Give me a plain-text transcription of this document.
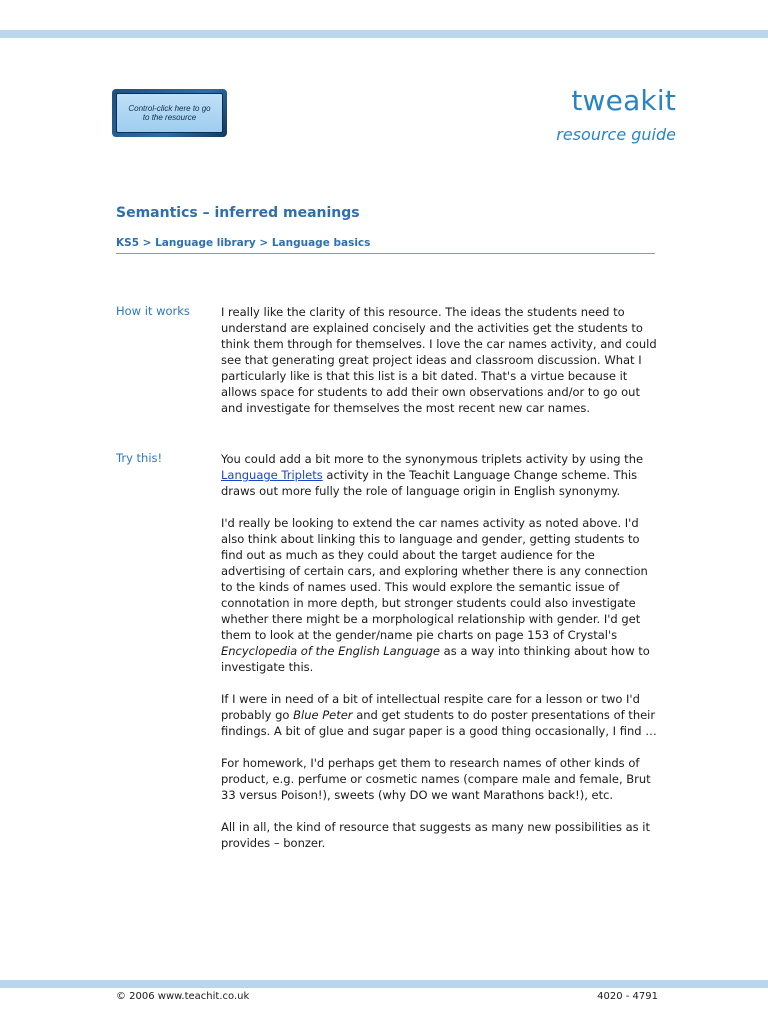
Control-click here to go to the resource
tweakit
resource guide
Semantics – inferred meanings
KS5 > Language library > Language basics
How it works	I really like the clarity of this resource. The ideas the students need to understand are explained concisely and the activities get the students to think them through for themselves. I love the car names activity, and could see that generating great project ideas and classroom discussion. What I particularly like is that this list is a bit dated. That's a virtue because it allows space for students to add their own observations and/or to go out and investigate for themselves the most recent new car names.

Try this!	You could add a bit more to the synonymous triplets activity by using the Language Triplets activity in the Teachit Language Change scheme. This draws out more fully the role of language origin in English synonymy.

I'd really be looking to extend the car names activity as noted above. I'd also think about linking this to language and gender, getting students to find out as much as they could about the target audience for the advertising of certain cars, and exploring whether there is any connection to the kinds of names used. This would explore the semantic issue of connotation in more depth, but stronger students could also investigate whether there might be a morphological relationship with gender. I'd get them to look at the gender/name pie charts on page 153 of Crystal's Encyclopedia of the English Language as a way into thinking about how to investigate this.

If I were in need of a bit of intellectual respite care for a lesson or two I'd probably go Blue Peter and get students to do poster presentations of their findings. A bit of glue and sugar paper is a good thing occasionally, I find …

For homework, I'd perhaps get them to research names of other kinds of product, e.g. perfume or cosmetic names (compare male and female, Brut 33 versus Poison!), sweets (why DO we want Marathons back!), etc.

All in all, the kind of resource that suggests as many new possibilities as it provides – bonzer.

© 2006 www.teachit.co.uk	4020 - 4791
